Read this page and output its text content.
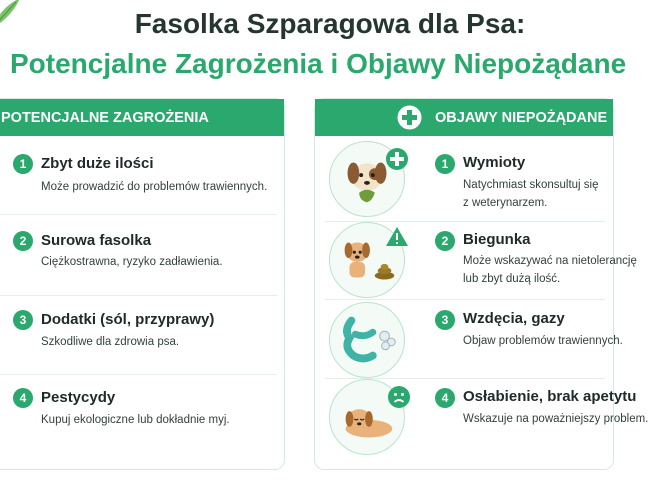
Fasolka Szparagowa dla Psa:
Potencjalne Zagrożenia i Objawy Niepożądane
POTENCJALNE ZAGROŻENIA
1 Zbyt duże ilości
Może prowadzić do problemów trawiennych.
2 Surowa fasolka
Ciężkostrawna, ryzyko zadławienia.
3 Dodatki (sól, przyprawy)
Szkodliwe dla zdrowia psa.
4 Pestycydy
Kupuj ekologiczne lub dokładnie myj.
OBJAWY NIEPOŻĄDANE
1 Wymioty
Natychmiast skonsultuj się
z weterynarzem.
2 Biegunka
Może wskazywać na nietolerancję
lub zbyt dużą ilość.
3 Wzdęcia, gazy
Objaw problemów trawiennych.
4 Osłabienie, brak apetytu
Wskazuje na poważniejszy problem.
